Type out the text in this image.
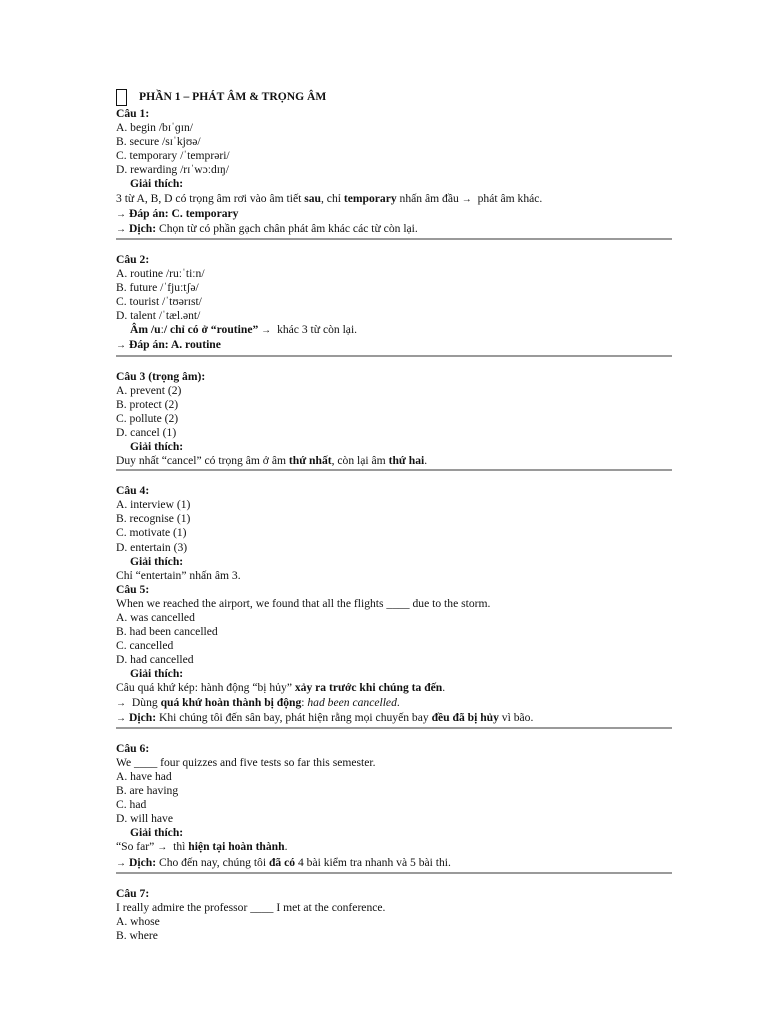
PHẦN 1 – PHÁT ÂM & TRỌNG ÂM
Câu 1:
A. begin /bɪˈɡɪn/
B. secure /sɪˈkjʊə/
C. temporary /ˈtemprəri/
D. rewarding /rɪˈwɔːdɪŋ/
Giải thích:
3 từ A, B, D có trọng âm rơi vào âm tiết sau, chỉ temporary nhấn âm đầu → phát âm khác.
→ Đáp án: C. temporary
→ Dịch: Chọn từ có phần gạch chân phát âm khác các từ còn lại.
Câu 2:
A. routine /ruːˈtiːn/
B. future /ˈfjuːtʃə/
C. tourist /ˈtʊərɪst/
D. talent /ˈtæl.ənt/
Âm /uː/ chỉ có ở “routine” → khác 3 từ còn lại.
→ Đáp án: A. routine
Câu 3 (trọng âm):
A. prevent (2)
B. protect (2)
C. pollute (2)
D. cancel (1)
Giải thích:
Duy nhất “cancel” có trọng âm ở âm thứ nhất, còn lại âm thứ hai.
Câu 4:
A. interview (1)
B. recognise (1)
C. motivate (1)
D. entertain (3)
Giải thích:
Chỉ “entertain” nhấn âm 3.
Câu 5:
When we reached the airport, we found that all the flights ____ due to the storm.
A. was cancelled
B. had been cancelled
C. cancelled
D. had cancelled
Giải thích:
Câu quá khứ kép: hành động “bị hủy” xảy ra trước khi chúng ta đến.
→ Dùng quá khứ hoàn thành bị động: had been cancelled.
→ Dịch: Khi chúng tôi đến sân bay, phát hiện rằng mọi chuyến bay đều đã bị hủy vì bão.
Câu 6:
We ____ four quizzes and five tests so far this semester.
A. have had
B. are having
C. had
D. will have
Giải thích:
“So far” → thì hiện tại hoàn thành.
→ Dịch: Cho đến nay, chúng tôi đã có 4 bài kiểm tra nhanh và 5 bài thi.
Câu 7:
I really admire the professor ____ I met at the conference.
A. whose
B. where
